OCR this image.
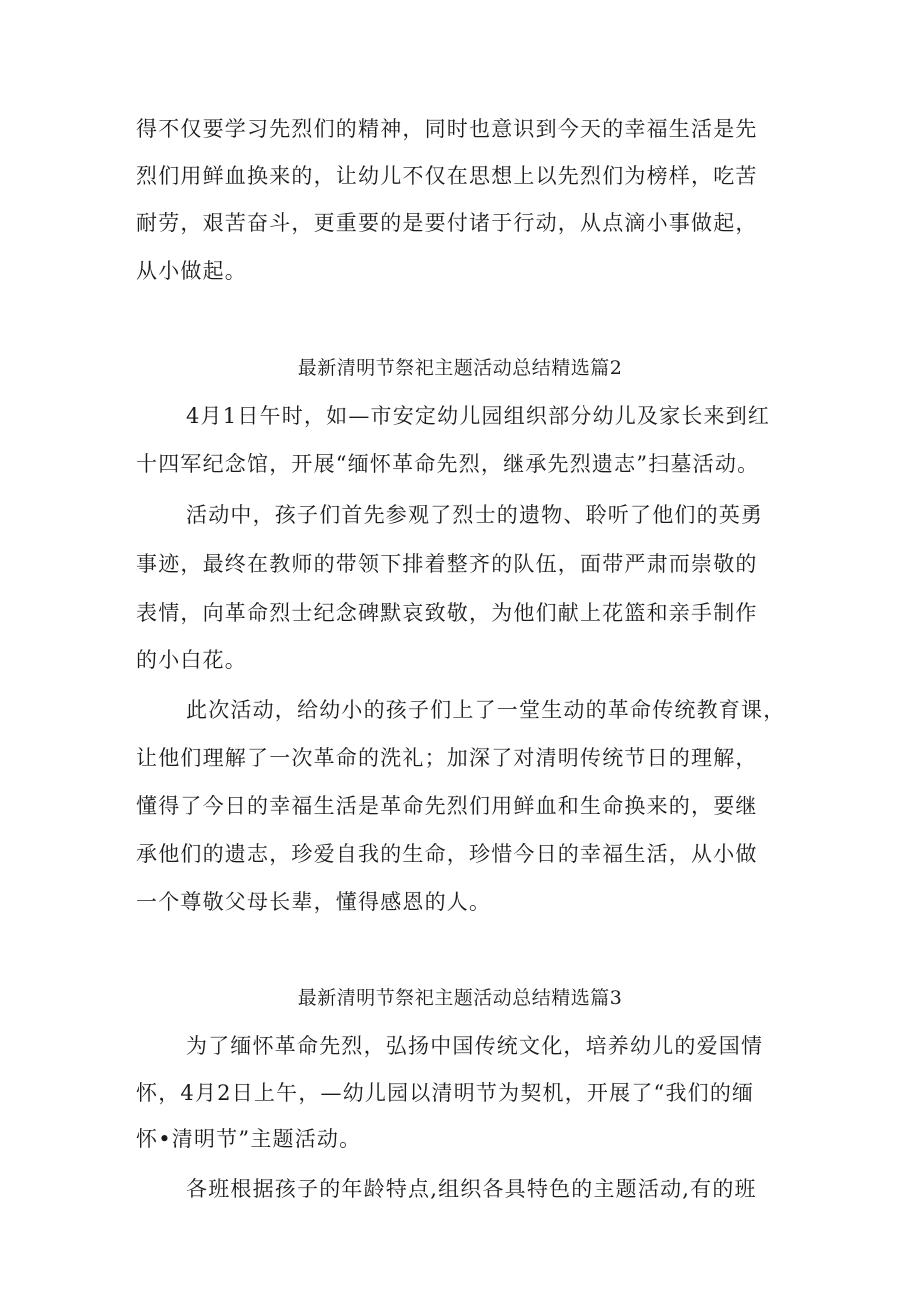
得不仅要学习先烈们的精神，同时也意识到今天的幸福生活是先
烈们用鲜血换来的，让幼儿不仅在思想上以先烈们为榜样，吃苦
耐劳，艰苦奋斗，更重要的是要付诸于行动，从点滴小事做起，
从小做起。
最新清明节祭祀主题活动总结精选篇2
4月1日午时，如—市安定幼儿园组织部分幼儿及家长来到红
十四军纪念馆，开展“缅怀革命先烈，继承先烈遗志”扫墓活动。
活动中，孩子们首先参观了烈士的遗物、聆听了他们的英勇
事迹，最终在教师的带领下排着整齐的队伍，面带严肃而崇敬的
表情，向革命烈士纪念碑默哀致敬，为他们献上花篮和亲手制作
的小白花。
此次活动，给幼小的孩子们上了一堂生动的革命传统教育课，
让他们理解了一次革命的洗礼；加深了对清明传统节日的理解，
懂得了今日的幸福生活是革命先烈们用鲜血和生命换来的，要继
承他们的遗志，珍爱自我的生命，珍惜今日的幸福生活，从小做
一个尊敬父母长辈，懂得感恩的人。
最新清明节祭祀主题活动总结精选篇3
为了缅怀革命先烈，弘扬中国传统文化，培养幼儿的爱国情
怀，4月2日上午，—幼儿园以清明节为契机，开展了“我们的缅
怀•清明节”主题活动。
各班根据孩子的年龄特点,组织各具特色的主题活动,有的班
